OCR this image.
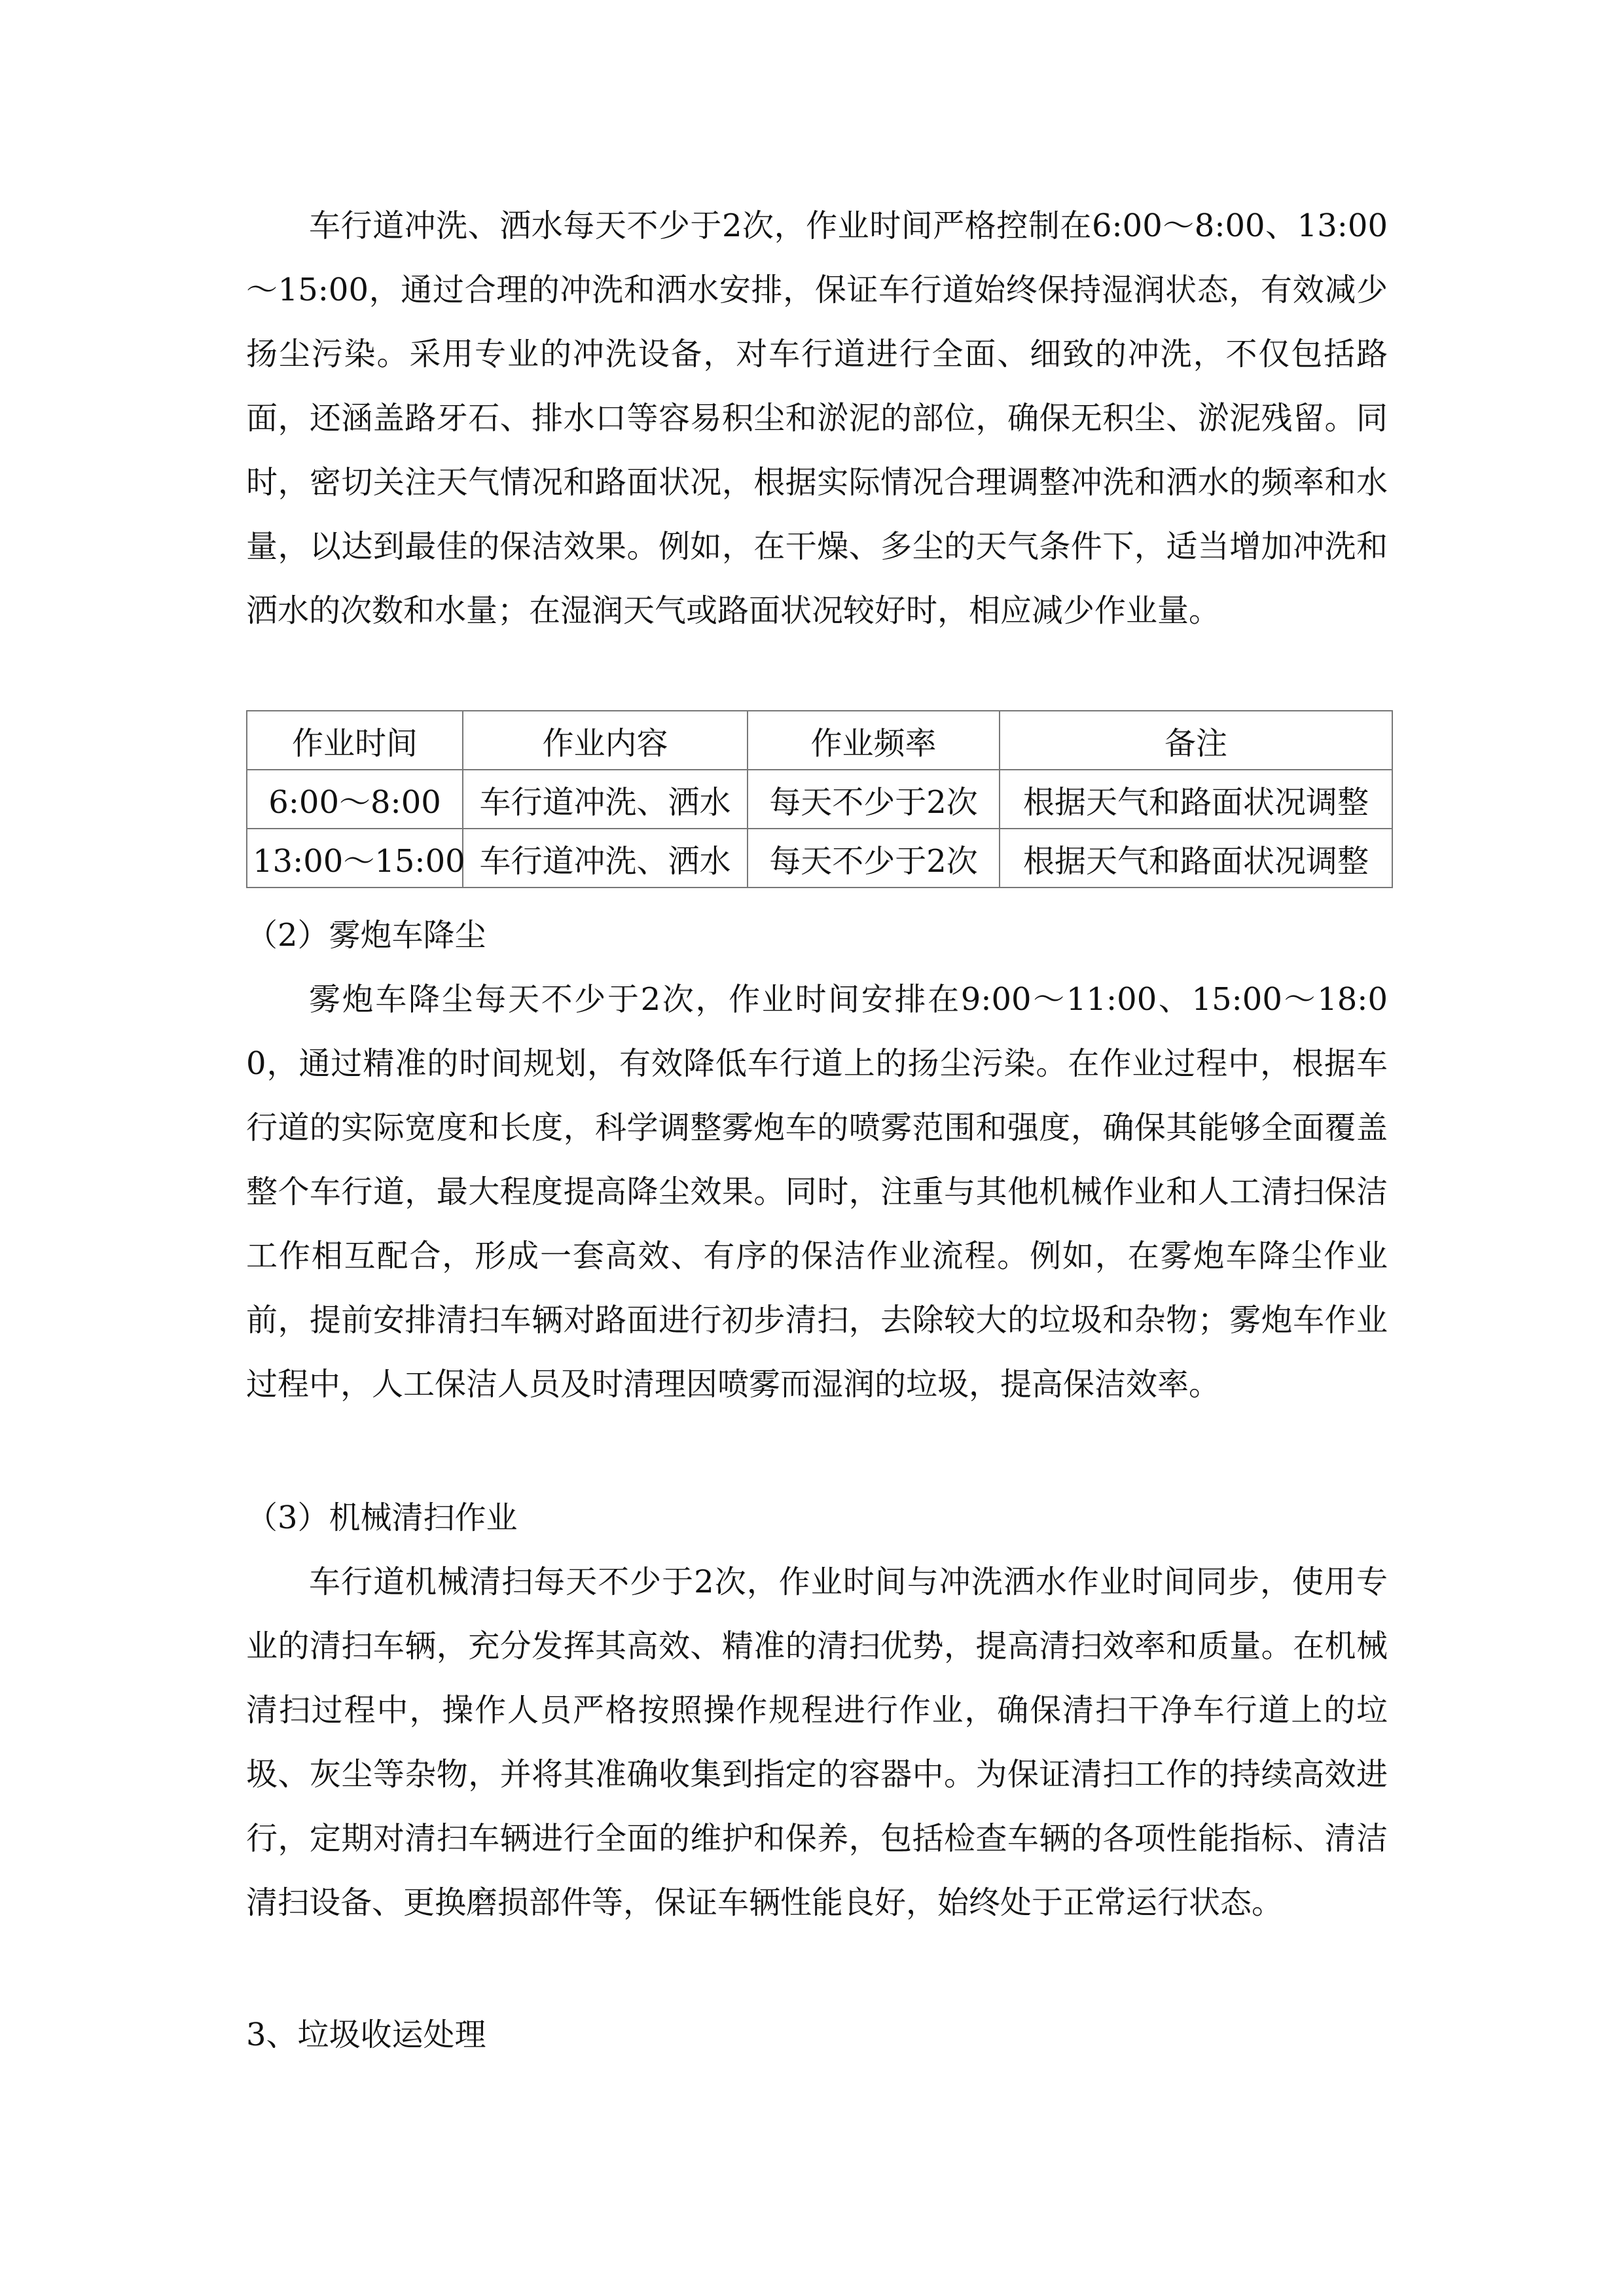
车行道冲洗、洒水每天不少于2次，作业时间严格控制在6:00～8:00、13:00～15:00，通过合理的冲洗和洒水安排，保证车行道始终保持湿润状态，有效减少扬尘污染。采用专业的冲洗设备，对车行道进行全面、细致的冲洗，不仅包括路面，还涵盖路牙石、排水口等容易积尘和淤泥的部位，确保无积尘、淤泥残留。同时，密切关注天气情况和路面状况，根据实际情况合理调整冲洗和洒水的频率和水量，以达到最佳的保洁效果。例如，在干燥、多尘的天气条件下，适当增加冲洗和洒水的次数和水量；在湿润天气或路面状况较好时，相应减少作业量。

作业时间	作业内容	作业频率	备注
6:00～8:00	车行道冲洗、洒水	每天不少于2次	根据天气和路面状况调整
13:00～15:00	车行道冲洗、洒水	每天不少于2次	根据天气和路面状况调整

（2）雾炮车降尘

雾炮车降尘每天不少于2次，作业时间安排在9:00～11:00、15:00～18:00，通过精准的时间规划，有效降低车行道上的扬尘污染。在作业过程中，根据车行道的实际宽度和长度，科学调整雾炮车的喷雾范围和强度，确保其能够全面覆盖整个车行道，最大程度提高降尘效果。同时，注重与其他机械作业和人工清扫保洁工作相互配合，形成一套高效、有序的保洁作业流程。例如，在雾炮车降尘作业前，提前安排清扫车辆对路面进行初步清扫，去除较大的垃圾和杂物；雾炮车作业过程中，人工保洁人员及时清理因喷雾而湿润的垃圾，提高保洁效率。

（3）机械清扫作业

车行道机械清扫每天不少于2次，作业时间与冲洗洒水作业时间同步，使用专业的清扫车辆，充分发挥其高效、精准的清扫优势，提高清扫效率和质量。在机械清扫过程中，操作人员严格按照操作规程进行作业，确保清扫干净车行道上的垃圾、灰尘等杂物，并将其准确收集到指定的容器中。为保证清扫工作的持续高效进行，定期对清扫车辆进行全面的维护和保养，包括检查车辆的各项性能指标、清洁清扫设备、更换磨损部件等，保证车辆性能良好，始终处于正常运行状态。

3、垃圾收运处理
